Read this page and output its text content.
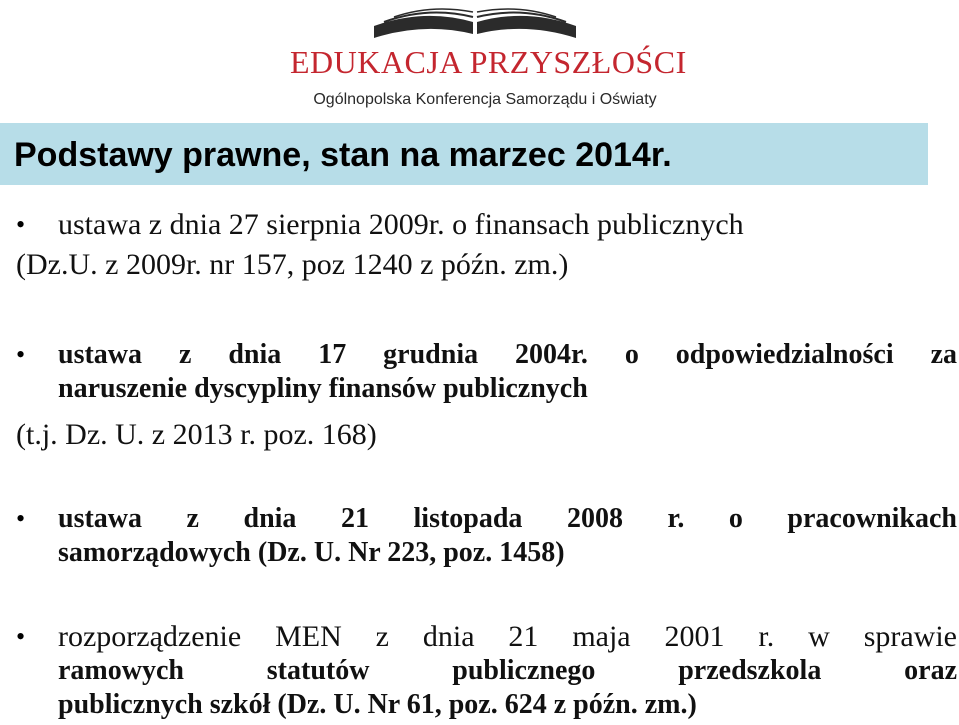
EDUKACJA PRZYSZŁOŚCI
Ogólnopolska Konferencja Samorządu i Oświaty
Podstawy prawne, stan na marzec 2014r.
•	ustawa z dnia 27 sierpnia 2009r. o finansach publicznych
(Dz.U. z 2009r. nr 157, poz 1240 z późn. zm.)
•	ustawa z dnia 17 grudnia 2004r. o odpowiedzialności za
naruszenie dyscypliny finansów publicznych
(t.j. Dz. U. z 2013 r. poz. 168)
•	ustawa z dnia 21 listopada 2008 r. o pracownikach
samorządowych (Dz. U. Nr 223, poz. 1458)
•	rozporządzenie MEN z dnia 21 maja 2001 r. w sprawie
ramowych statutów publicznego przedszkola oraz
publicznych szkół (Dz. U. Nr 61, poz. 624 z późn. zm.)
